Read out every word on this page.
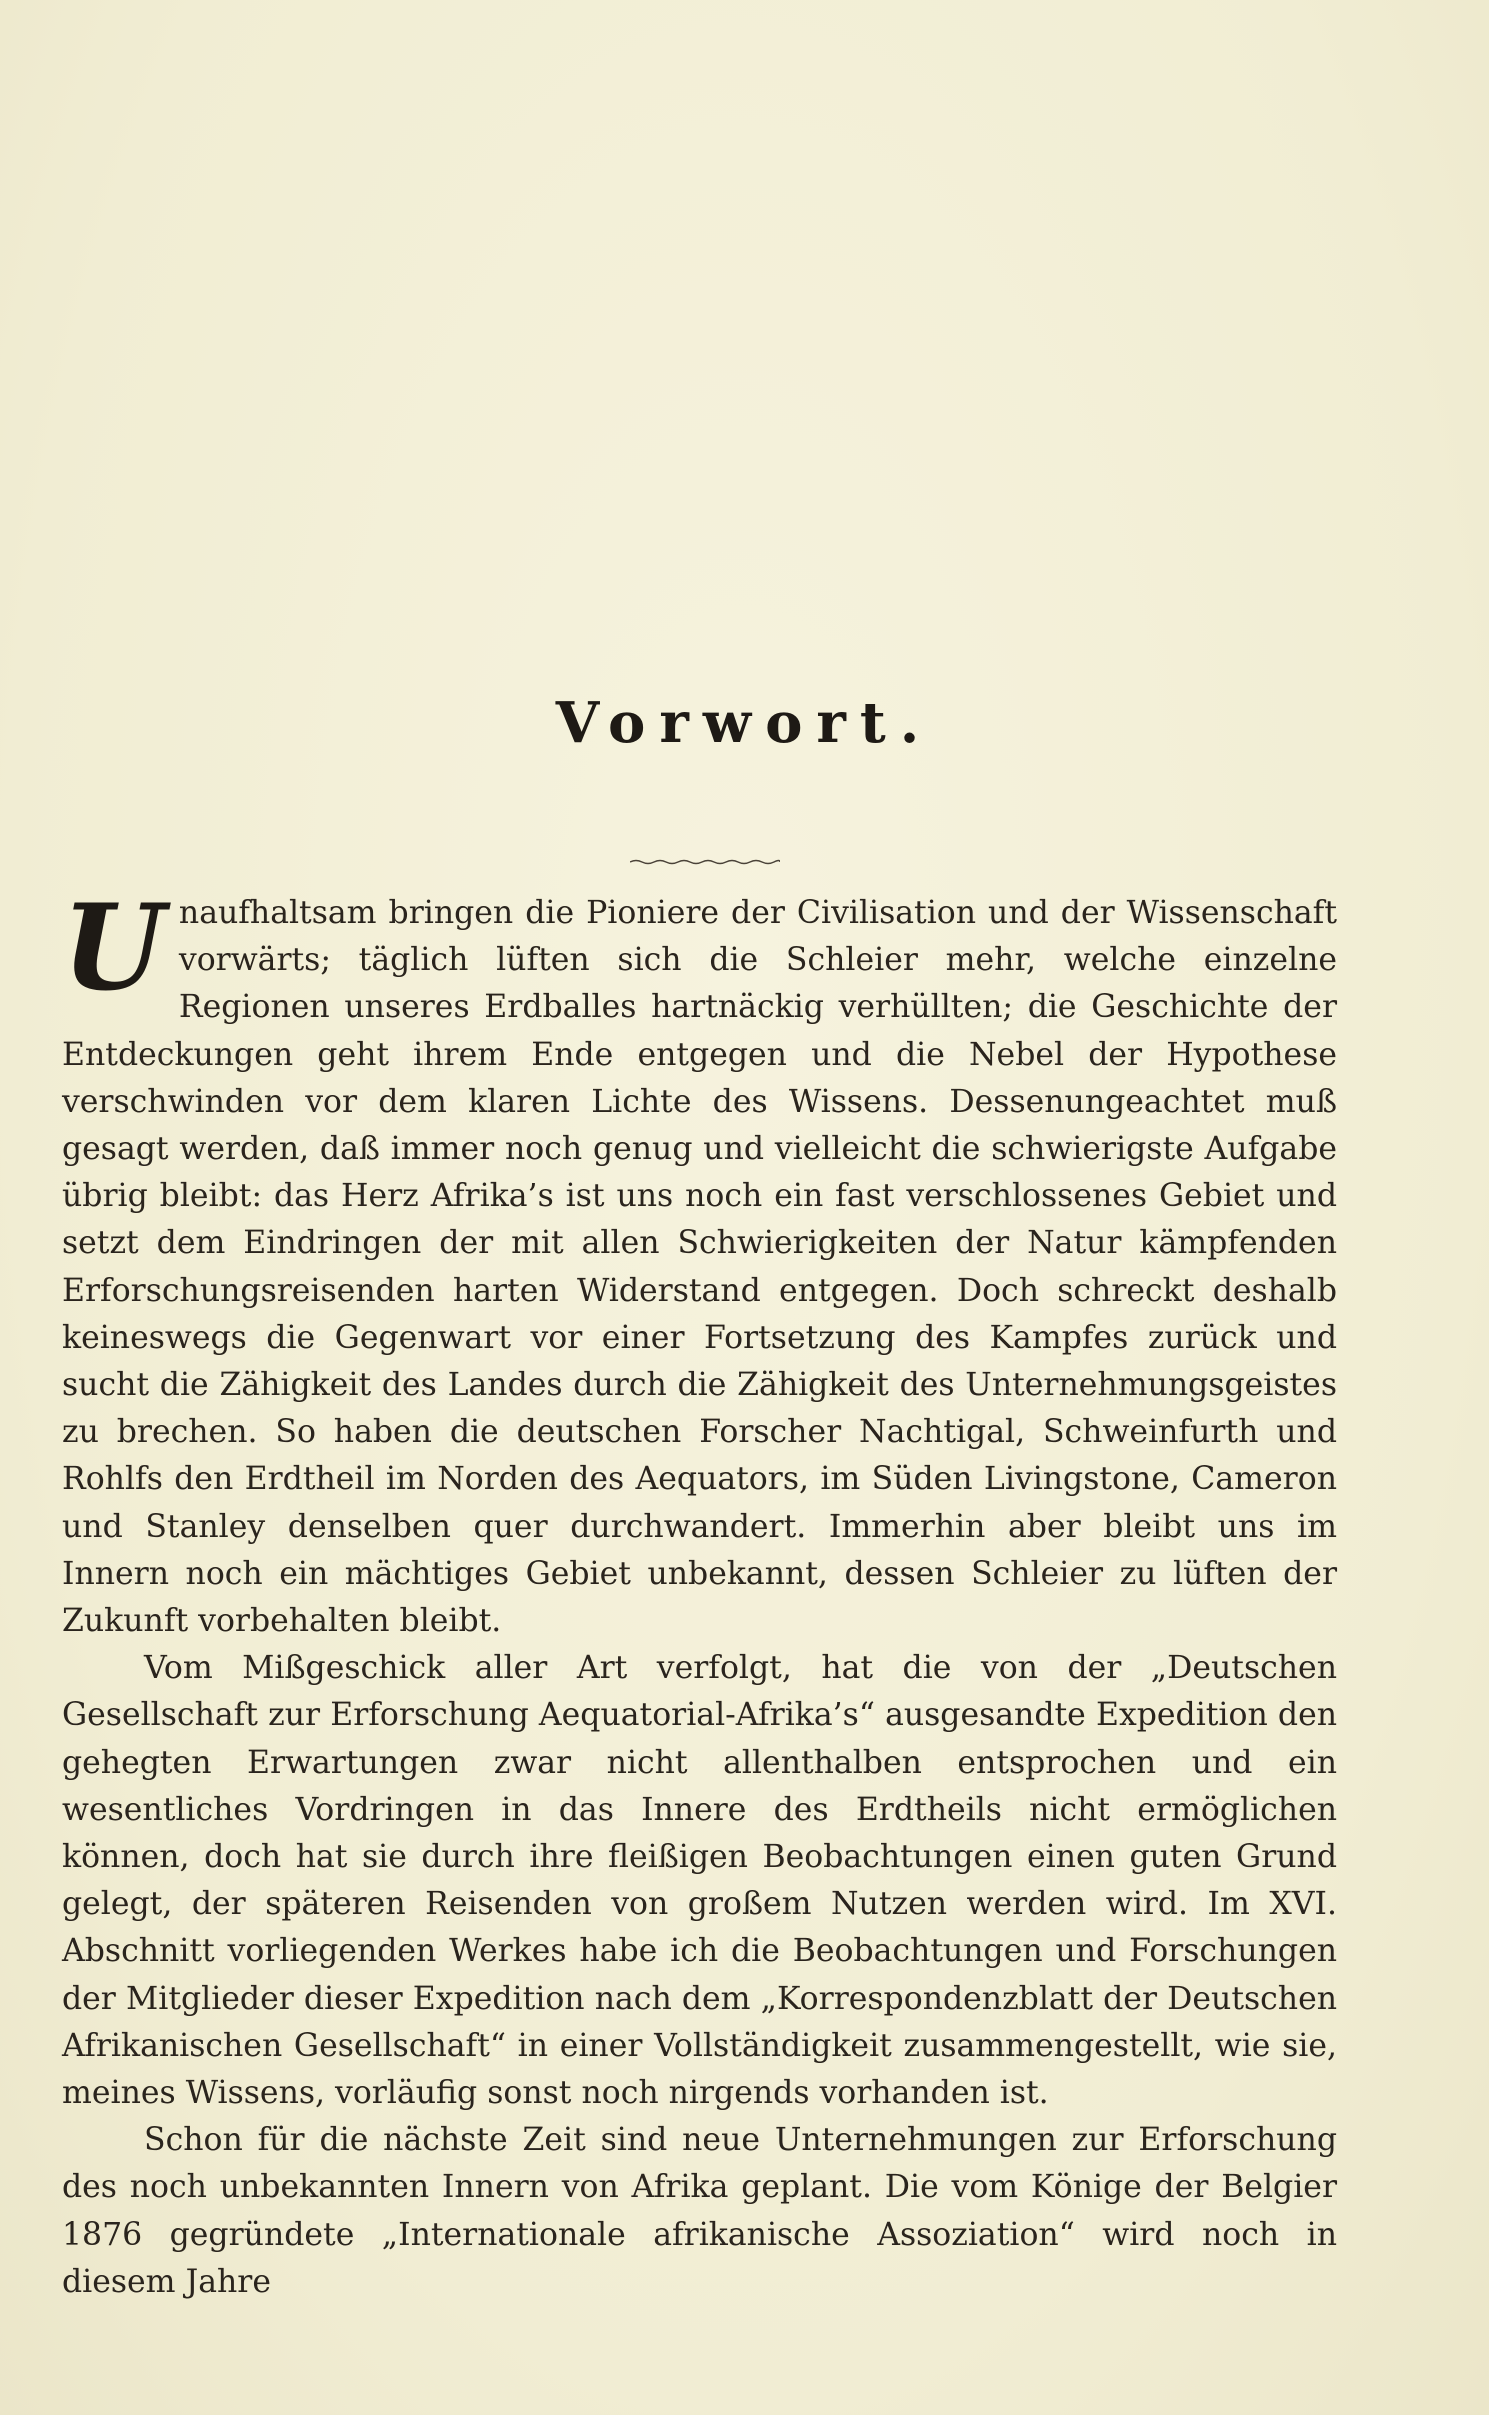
Vorwort.

Unaufhaltsam bringen die Pioniere der Civilisation und der Wissenschaft vorwärts; täglich lüften sich die Schleier mehr, welche einzelne Regionen unseres Erdballes hartnäckig verhüllten; die Geschichte der Entdeckungen geht ihrem Ende entgegen und die Nebel der Hypothese verschwinden vor dem klaren Lichte des Wissens. Dessenungeachtet muß gesagt werden, daß immer noch genug und vielleicht die schwierigste Aufgabe übrig bleibt: das Herz Afrika’s ist uns noch ein fast verschlossenes Gebiet und setzt dem Eindringen der mit allen Schwierigkeiten der Natur kämpfenden Erforschungsreisenden harten Widerstand entgegen. Doch schreckt deshalb keineswegs die Gegenwart vor einer Fortsetzung des Kampfes zurück und sucht die Zähigkeit des Landes durch die Zähigkeit des Unternehmungsgeistes zu brechen. So haben die deutschen Forscher Nachtigal, Schweinfurth und Rohlfs den Erdtheil im Norden des Aequators, im Süden Livingstone, Cameron und Stanley denselben quer durchwandert. Immerhin aber bleibt uns im Innern noch ein mächtiges Gebiet unbekannt, dessen Schleier zu lüften der Zukunft vorbehalten bleibt.

Vom Mißgeschick aller Art verfolgt, hat die von der „Deutschen Gesellschaft zur Erforschung Aequatorial-Afrika’s“ ausgesandte Expedition den gehegten Erwartungen zwar nicht allenthalben entsprochen und ein wesentliches Vordringen in das Innere des Erdtheils nicht ermöglichen können, doch hat sie durch ihre fleißigen Beobachtungen einen guten Grund gelegt, der späteren Reisenden von großem Nutzen werden wird. Im XVI. Abschnitt vorliegenden Werkes habe ich die Beobachtungen und Forschungen der Mitglieder dieser Expedition nach dem „Korrespondenzblatt der Deutschen Afrikanischen Gesellschaft“ in einer Vollständigkeit zusammengestellt, wie sie, meines Wissens, vorläufig sonst noch nirgends vorhanden ist.

Schon für die nächste Zeit sind neue Unternehmungen zur Erforschung des noch unbekannten Innern von Afrika geplant. Die vom Könige der Belgier 1876 gegründete „Internationale afrikanische Assoziation“ wird noch in diesem Jahre
